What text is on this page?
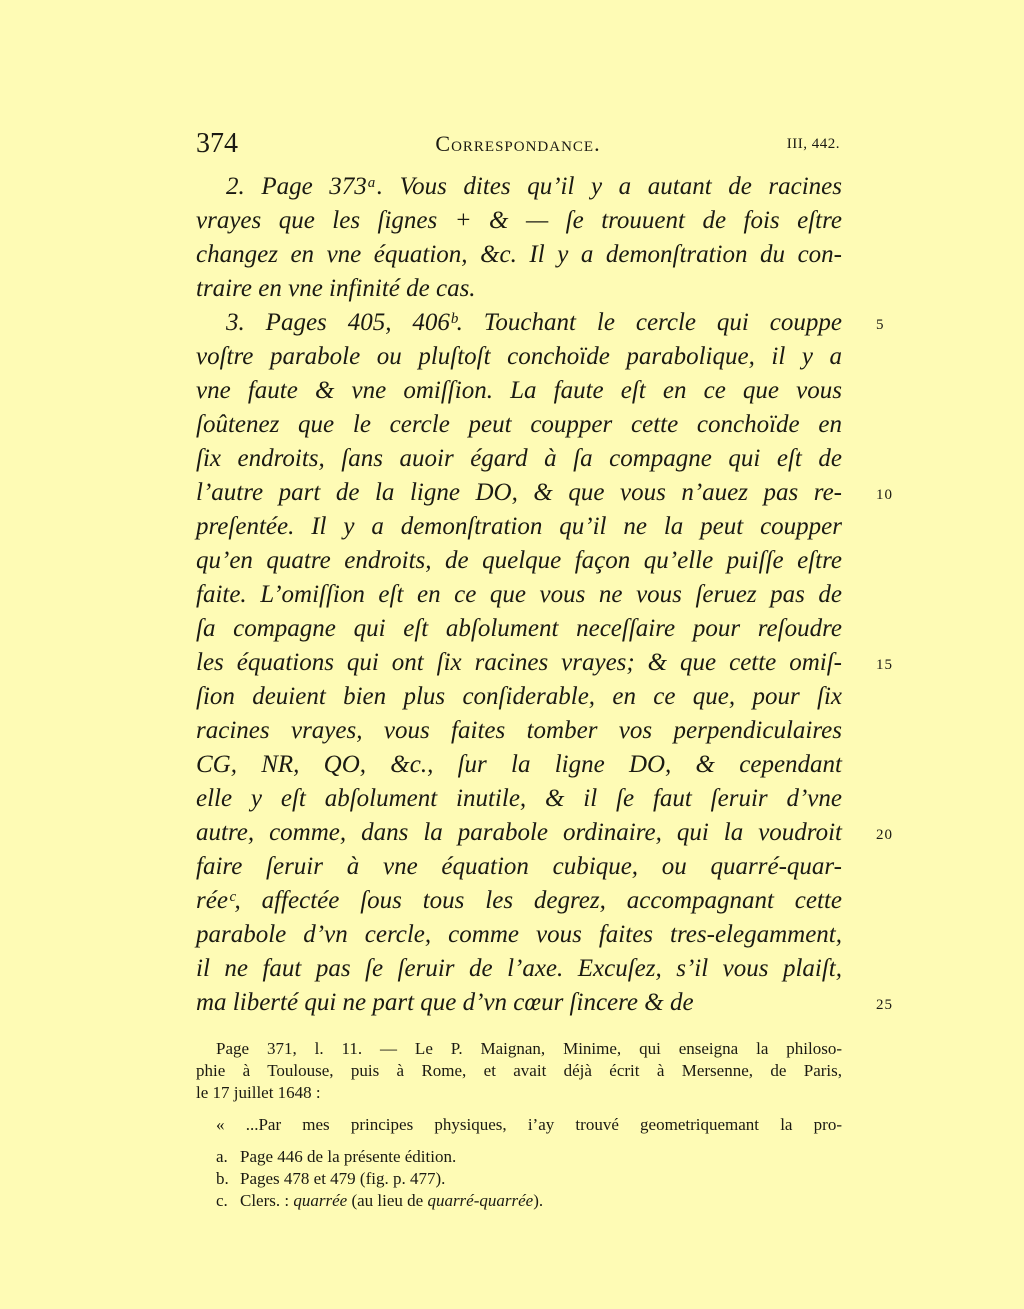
374	Correspondance.	III, 442.
2. Page 373ᵃ. Vous dites qu’il y a autant de racines
vrayes que les ſignes + & — ſe trouuent de fois eſtre
changez en vne équation, &c. Il y a demonſtration du con-
traire en vne infinité de cas.
3. Pages 405, 406ᵇ. Touchant le cercle qui couppe 5
voſtre parabole ou pluſtoſt conchoïde parabolique, il y a
vne faute & vne omiſſion. La faute eſt en ce que vous
ſoûtenez que le cercle peut coupper cette conchoïde en
ſix endroits, ſans auoir égard à ſa compagne qui eſt de
l’autre part de la ligne DO, & que vous n’auez pas re- 10
preſentée. Il y a demonſtration qu’il ne la peut coupper
qu’en quatre endroits, de quelque façon qu’elle puiſſe eſtre
faite. L’omiſſion eſt en ce que vous ne vous ſeruez pas de
ſa compagne qui eſt abſolument neceſſaire pour reſoudre
les équations qui ont ſix racines vrayes; & que cette omiſ- 15
ſion deuient bien plus conſiderable, en ce que, pour ſix
racines vrayes, vous faites tomber vos perpendiculaires
CG, NR, QO, &c., ſur la ligne DO, & cependant
elle y eſt abſolument inutile, & il ſe faut ſeruir d’vne
autre, comme, dans la parabole ordinaire, qui la voudroit 20
faire ſeruir à vne équation cubique, ou quarré-quar-
réeᶜ, affectée ſous tous les degrez, accompagnant cette
parabole d’vn cercle, comme vous faites tres-elegamment,
il ne faut pas ſe ſeruir de l’axe. Excuſez, s’il vous plaiſt,
ma liberté qui ne part que d’vn cœur ſincere & de	25
Page 371, l. 11. — Le P. Maignan, Minime, qui enseigna la philoso-
phie à Toulouse, puis à Rome, et avait déjà écrit à Mersenne, de Paris,
le 17 juillet 1648 :
« ...Par mes principes physiques, i’ay trouvé geometriquemant la pro-
a. Page 446 de la présente édition.
b. Pages 478 et 479 (fig. p. 477).
c. Clers. : quarrée (au lieu de quarré-quarrée).
